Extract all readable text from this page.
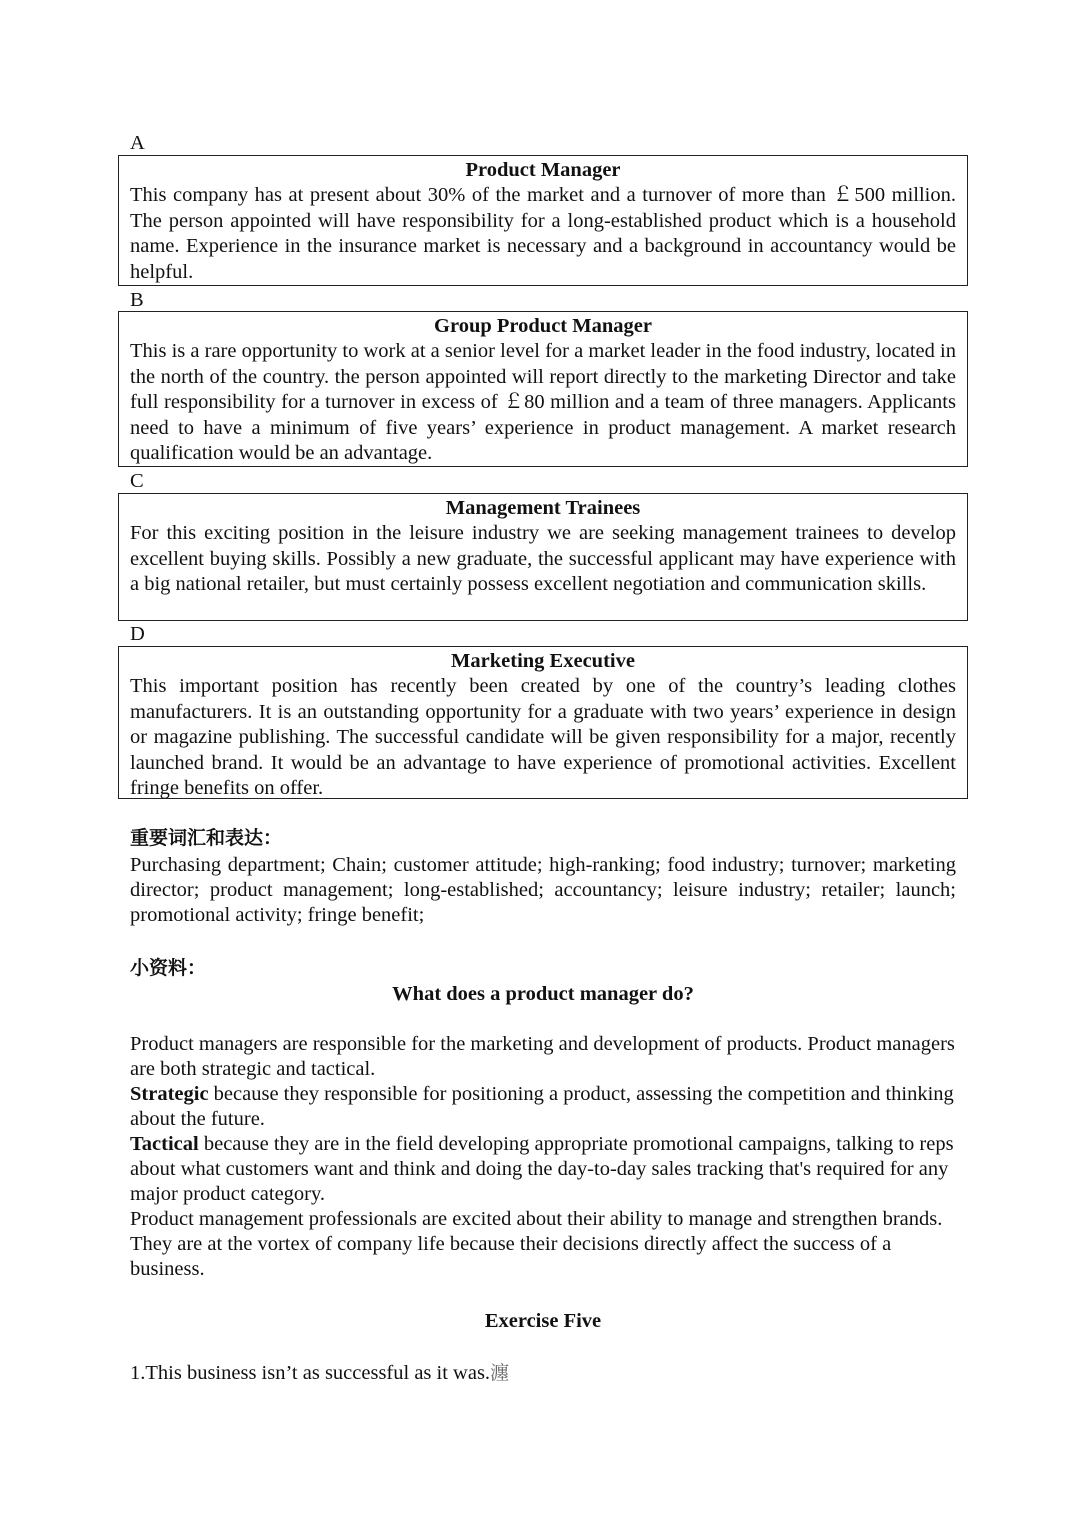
A
Product Manager
This company has at present about 30% of the market and a turnover of more than ￡500 million. The person appointed will have responsibility for a long-established product which is a household name. Experience in the insurance market is necessary and a background in accountancy would be helpful.
B
Group Product Manager
This is a rare opportunity to work at a senior level for a market leader in the food industry, located in the north of the country. the person appointed will report directly to the marketing Director and take full responsibility for a turnover in excess of ￡80 million and a team of three managers. Applicants need to have a minimum of five years’ experience in product management. A market research qualification would be an advantage.
C
Management Trainees
For this exciting position in the leisure industry we are seeking management trainees to develop excellent buying skills. Possibly a new graduate, the successful applicant may have experience with a big national retailer, but must certainly possess excellent negotiation and communication skills.
D
Marketing Executive
This important position has recently been created by one of the country’s leading clothes manufacturers. It is an outstanding opportunity for a graduate with two years’ experience in design or magazine publishing. The successful candidate will be given responsibility for a major, recently launched brand. It would be an advantage to have experience of promotional activities. Excellent fringe benefits on offer.
重要词汇和表达：
Purchasing department; Chain; customer attitude; high-ranking; food industry; turnover; marketing director; product management; long-established; accountancy; leisure industry; retailer; launch; promotional activity; fringe benefit;
小资料：
What does a product manager do?
Product managers are responsible for the marketing and development of products. Product managers are both strategic and tactical.
Strategic because they responsible for positioning a product, assessing the competition and thinking about the future.
Tactical because they are in the field developing appropriate promotional campaigns, talking to reps about what customers want and think and doing the day-to-day sales tracking that's required for any major product category.
Product management professionals are excited about their ability to manage and strengthen brands. They are at the vortex of company life because their decisions directly affect the success of a business.
Exercise Five
1.This business isn’t as successful as it was.瀍
